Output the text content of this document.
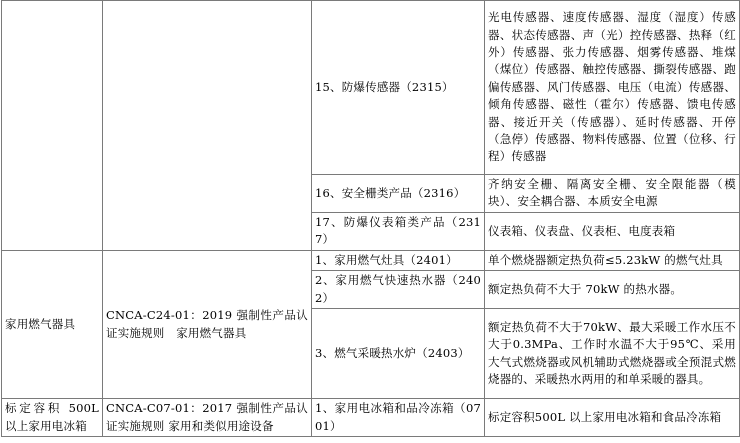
		15、防爆传感器（2315）	光电传感器、速度传感器、湿度（湿度）传感器、状态传感器、声（光）控传感器、热释（红外）传感器、张力传感器、烟雾传感器、堆煤（煤位）传感器、触控传感器、撕裂传感器、跑偏传感器、风门传感器、电压（电流）传感器、倾角传感器、磁性（霍尔）传感器、馈电传感器、接近开关（传感器）、延时传感器、开停（急停）传感器、物料传感器、位置（位移、行程）传感器
		16、安全栅类产品（2316）	齐纳安全栅、隔离安全栅、安全限能器（模块）、安全耦合器、本质安全电源
		17、防爆仪表箱类产品（2317）	仪表箱、仪表盘、仪表柜、电度表箱
家用燃气器具	CNCA-C24-01：2019 强制性产品认证实施规则　家用燃气器具	1、家用燃气灶具（2401）	单个燃烧器额定热负荷≤5.23kW 的燃气灶具
		2、家用燃气快速热水器（2402）	额定热负荷不大于 70kW 的热水器。
		3、燃气采暖热水炉（2403）	额定热负荷不大于70kW、最大采暖工作水压不大于0.3MPa、工作时水温不大于95℃、采用大气式燃烧器或风机辅助式燃烧器或全预混式燃烧器的、采暖热水两用的和单采暖的器具。
标定容积 500L 以上家用电冰箱	CNCA-C07-01：2017 强制性产品认证实施规则 家用和类似用途设备	1、家用电冰箱和品冷冻箱（0701）	标定容积500L 以上家用电冰箱和食品冷冻箱
